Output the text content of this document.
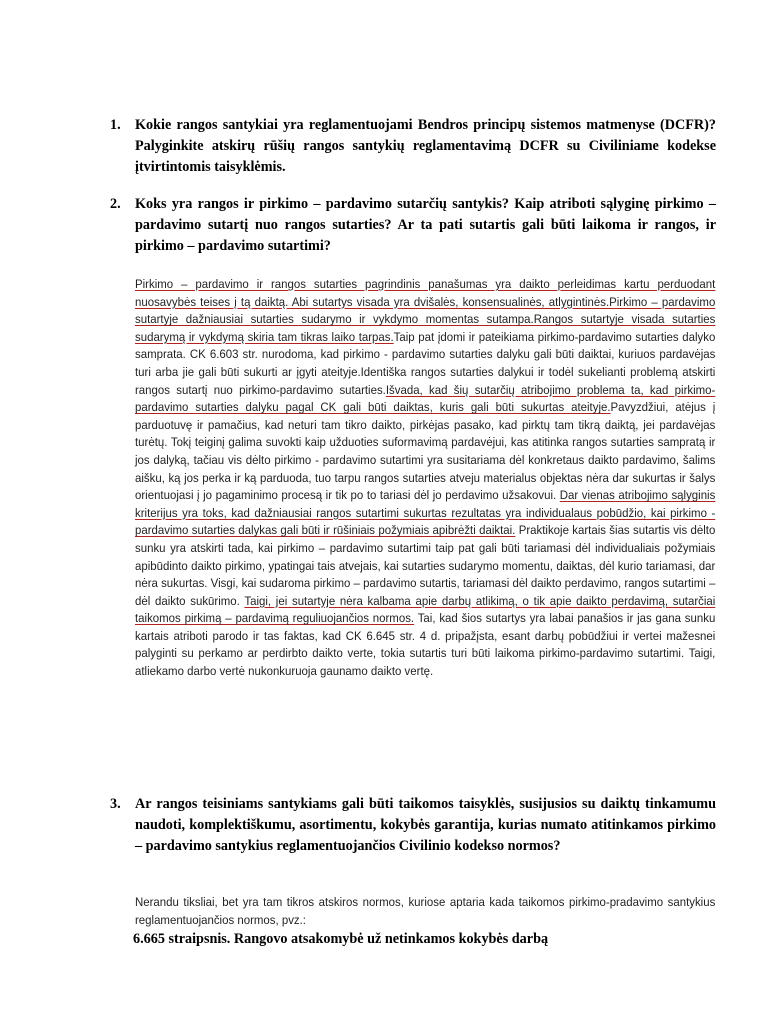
1. Kokie rangos santykiai yra reglamentuojami Bendros principų sistemos matmenyse (DCFR)? Palyginkite atskirų rūšių rangos santykių reglamentavimą DCFR su Civiliniame kodekse įtvirtintomis taisyklėmis.
2. Koks yra rangos ir pirkimo – pardavimo sutarčių santykis? Kaip atriboti sąlyginę pirkimo – pardavimo sutartį nuo rangos sutarties? Ar ta pati sutartis gali būti laikoma ir rangos, ir pirkimo – pardavimo sutartimi?
Pirkimo – pardavimo ir rangos sutarties pagrindinis panašumas yra daikto perleidimas kartu perduodant nuosavybės teises į tą daiktą. Abi sutartys visada yra dvišalės, konsensualinės, atlygintinės.Pirkimo – pardavimo sutartyje dažniausiai sutarties sudarymo ir vykdymo momentas sutampa.Rangos sutartyje visada sutarties sudarymą ir vykdymą skiria tam tikras laiko tarpas.Taip pat įdomi ir pateikiama pirkimo-pardavimo sutarties dalyko samprata. CK 6.603 str. nurodoma, kad pirkimo - pardavimo sutarties dalyku gali būti daiktai, kuriuos pardavėjas turi arba jie gali būti sukurti ar įgyti ateityje.Identiška rangos sutarties dalykui ir todėl sukelianti problemą atskirti rangos sutartį nuo pirkimo-pardavimo sutarties.Išvada, kad šių sutarčių atribojimo problema ta, kad pirkimo-pardavimo sutarties dalyku pagal CK gali būti daiktas, kuris gali būti sukurtas ateityje.Pavyzdžiui, atėjus į parduotuvę ir pamačius, kad neturi tam tikro daikto, pirkėjas pasako, kad pirktų tam tikrą daiktą, jei pardavėjas turėtų. Tokį teiginį galima suvokti kaip užduoties suformavimą pardavėjui, kas atitinka rangos sutarties sampratą ir jos dalyką, tačiau vis dėlto pirkimo - pardavimo sutartimi yra susitariama dėl konkretaus daikto pardavimo, šalims aišku, ką jos perka ir ką parduoda, tuo tarpu rangos sutarties atveju materialus objektas nėra dar sukurtas ir šalys orientuojasi į jo pagaminimo procesą ir tik po to tariasi dėl jo perdavimo užsakovui. Dar vienas atribojimo sąlyginis kriterijus yra toks, kad dažniausiai rangos sutartimi sukurtas rezultatas yra individualaus pobūdžio, kai pirkimo - pardavimo sutarties dalykas gali būti ir rūšiniais požymiais apibrėžti daiktai. Praktikoje kartais šias sutartis vis dėlto sunku yra atskirti tada, kai pirkimo – pardavimo sutartimi taip pat gali būti tariamasi dėl individualiais požymiais apibūdinto daikto pirkimo, ypatingai tais atvejais, kai sutarties sudarymo momentu, daiktas, dėl kurio tariamasi, dar nėra sukurtas. Visgi, kai sudaroma pirkimo – pardavimo sutartis, tariamasi dėl daikto perdavimo, rangos sutartimi – dėl daikto sukūrimo. Taigi, jei sutartyje nėra kalbama apie darbų atlikimą, o tik apie daikto perdavimą, sutarčiai taikomos pirkimą – pardavimą reguliuojančios normos. Tai, kad šios sutartys yra labai panašios ir jas gana sunku kartais atriboti parodo ir tas faktas, kad CK 6.645 str. 4 d. pripažįsta, esant darbų pobūdžiui ir vertei mažesnei palyginti su perkamo ar perdirbto daikto verte, tokia sutartis turi būti laikoma pirkimo-pardavimo sutartimi. Taigi, atliekamo darbo vertė nukonkuruoja gaunamo daikto vertę.
3. Ar rangos teisiniams santykiams gali būti taikomos taisyklės, susijusios su daiktų tinkamumu naudoti, komplektiškumu, asortimentu, kokybės garantija, kurias numato atitinkamos pirkimo – pardavimo santykius reglamentuojančios Civilinio kodekso normos?
Nerandu tiksliai, bet yra tam tikros atskiros normos, kuriose aptaria kada taikomos pirkimo-pradavimo santykius reglamentuojančios normos, pvz.:
6.665 straipsnis. Rangovo atsakomybė už netinkamos kokybės darbą
